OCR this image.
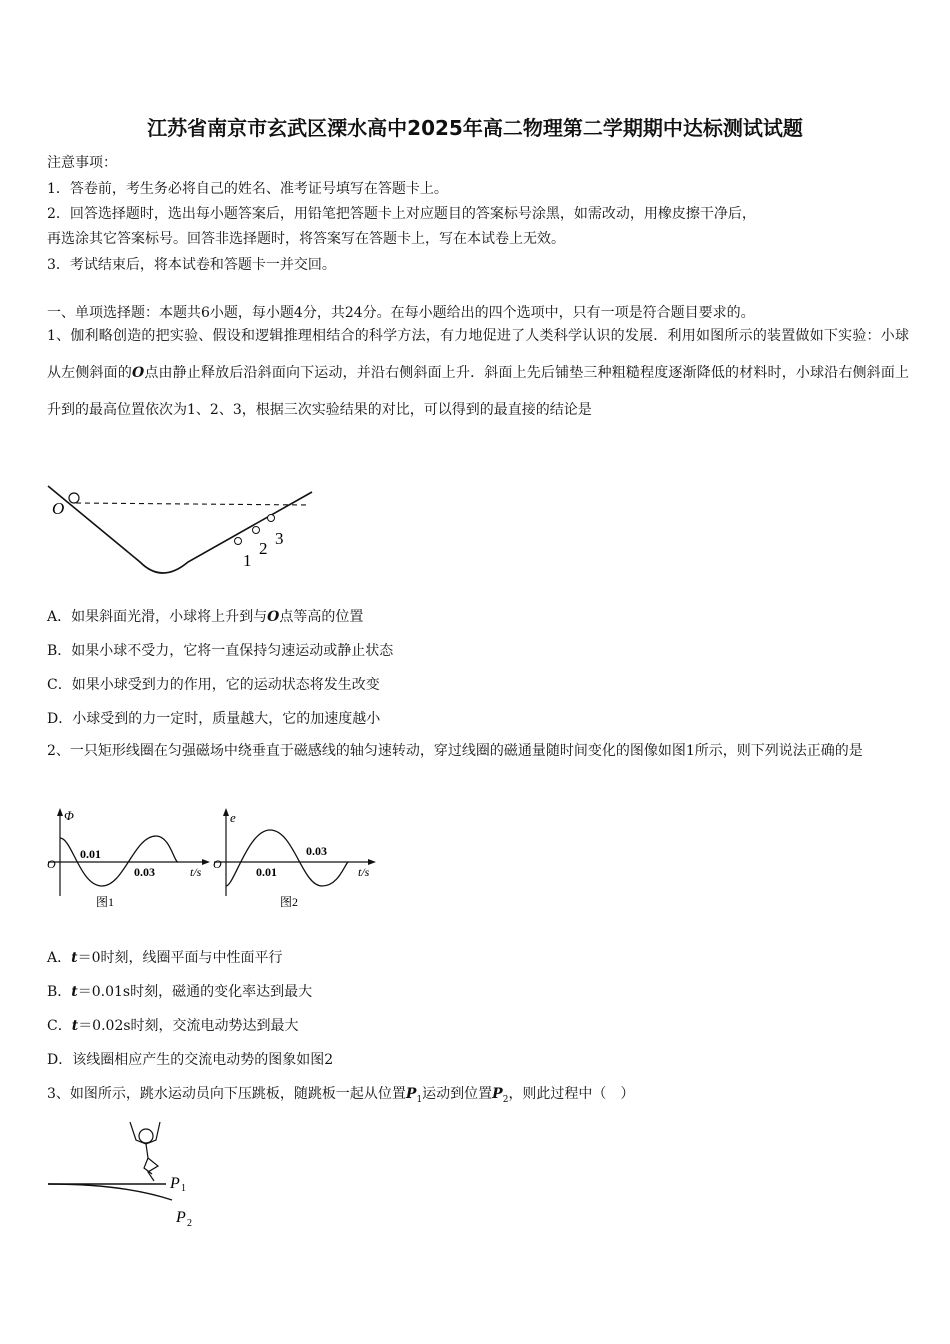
江苏省南京市玄武区溧水高中2025年高二物理第二学期期中达标测试试题
注意事项：
1．答卷前，考生务必将自己的姓名、准考证号填写在答题卡上。
2．回答选择题时，选出每小题答案后，用铅笔把答题卡上对应题目的答案标号涂黑，如需改动，用橡皮擦干净后，
再选涂其它答案标号。回答非选择题时，将答案写在答题卡上，写在本试卷上无效。
3．考试结束后，将本试卷和答题卡一并交回。
一、单项选择题：本题共6小题，每小题4分，共24分。在每小题给出的四个选项中，只有一项是符合题目要求的。
1、伽利略创造的把实验、假设和逻辑推理相结合的科学方法，有力地促进了人类科学认识的发展．利用如图所示的装置做如下实验：小球从左侧斜面的O点由静止释放后沿斜面向下运动，并沿右侧斜面上升．斜面上先后铺垫三种粗糙程度逐渐降低的材料时，小球沿右侧斜面上升到的最高位置依次为1、2、3，根据三次实验结果的对比，可以得到的最直接的结论是
O
1
2
3
A．如果斜面光滑，小球将上升到与O点等高的位置
B．如果小球不受力，它将一直保持匀速运动或静止状态
C．如果小球受到力的作用，它的运动状态将发生改变
D．小球受到的力一定时，质量越大，它的加速度越小
2、一只矩形线圈在匀强磁场中绕垂直于磁感线的轴匀速转动，穿过线圈的磁通量随时间变化的图像如图1所示，则下列说法正确的是
Φ
O
0.01
0.03	t/s
图1
e
O
0.01
0.03
t/s
图2
A．t＝0时刻，线圈平面与中性面平行
B．t＝0.01s时刻，磁通的变化率达到最大
C．t＝0.02s时刻，交流电动势达到最大
D．该线圈相应产生的交流电动势的图象如图2
3、如图所示，跳水运动员向下压跳板，随跳板一起从位置$P_1$运动到位置$P_2$，则此过程中（　）
P 1
P 2
